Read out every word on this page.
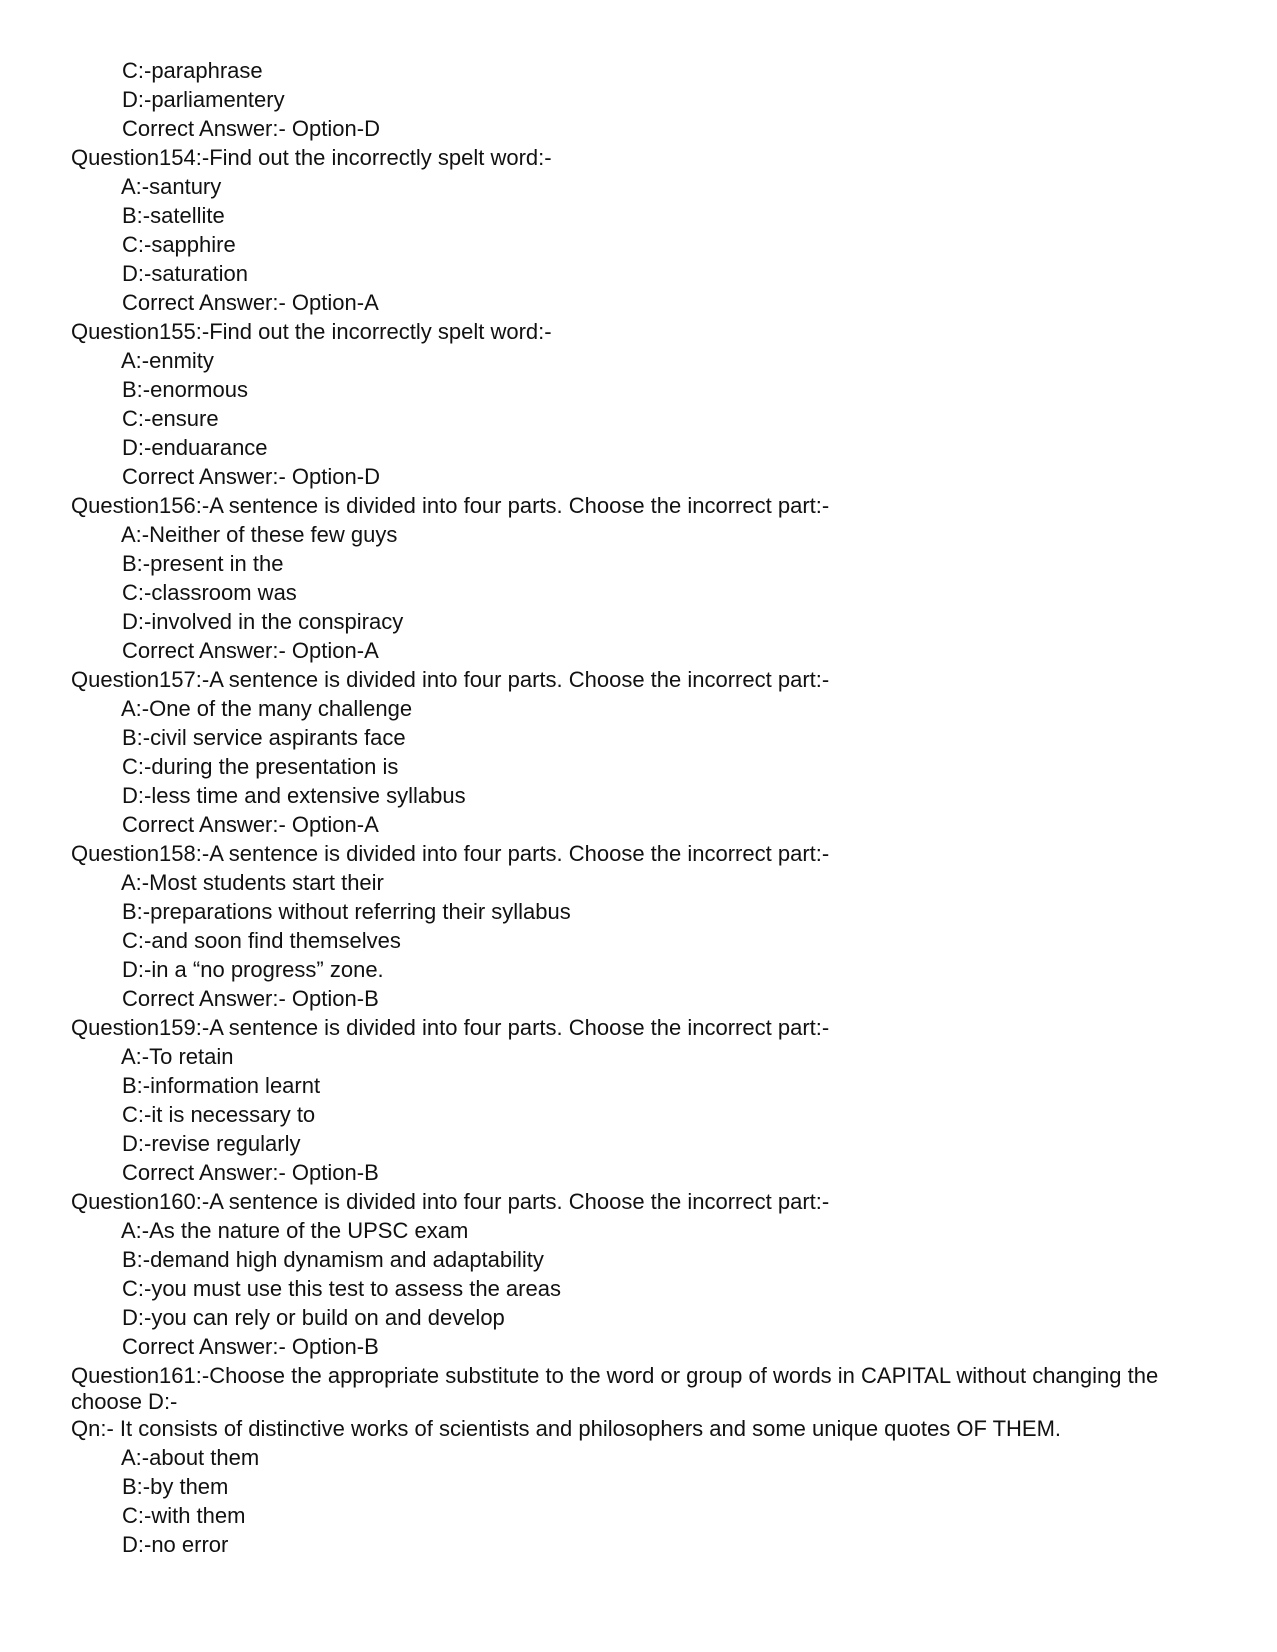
C:-paraphrase
D:-parliamentery
Correct Answer:- Option-D
Question154:-Find out the incorrectly spelt word:-
A:-santury
B:-satellite
C:-sapphire
D:-saturation
Correct Answer:- Option-A
Question155:-Find out the incorrectly spelt word:-
A:-enmity
B:-enormous
C:-ensure
D:-enduarance
Correct Answer:- Option-D
Question156:-A sentence is divided into four parts. Choose the incorrect part:-
A:-Neither of these few guys
B:-present in the
C:-classroom was
D:-involved in the conspiracy
Correct Answer:- Option-A
Question157:-A sentence is divided into four parts. Choose the incorrect part:-
A:-One of the many challenge
B:-civil service aspirants face
C:-during the presentation is
D:-less time and extensive syllabus
Correct Answer:- Option-A
Question158:-A sentence is divided into four parts. Choose the incorrect part:-
A:-Most students start their
B:-preparations without referring their syllabus
C:-and soon find themselves
D:-in a “no progress” zone.
Correct Answer:- Option-B
Question159:-A sentence is divided into four parts. Choose the incorrect part:-
A:-To retain
B:-information learnt
C:-it is necessary to
D:-revise regularly
Correct Answer:- Option-B
Question160:-A sentence is divided into four parts. Choose the incorrect part:-
A:-As the nature of the UPSC exam
B:-demand high dynamism and adaptability
C:-you must use this test to assess the areas
D:-you can rely or build on and develop
Correct Answer:- Option-B
Question161:-Choose the appropriate substitute to the word or group of words in CAPITAL without changing the
choose D:-
Qn:- It consists of distinctive works of scientists and philosophers and some unique quotes OF THEM.
A:-about them
B:-by them
C:-with them
D:-no error
